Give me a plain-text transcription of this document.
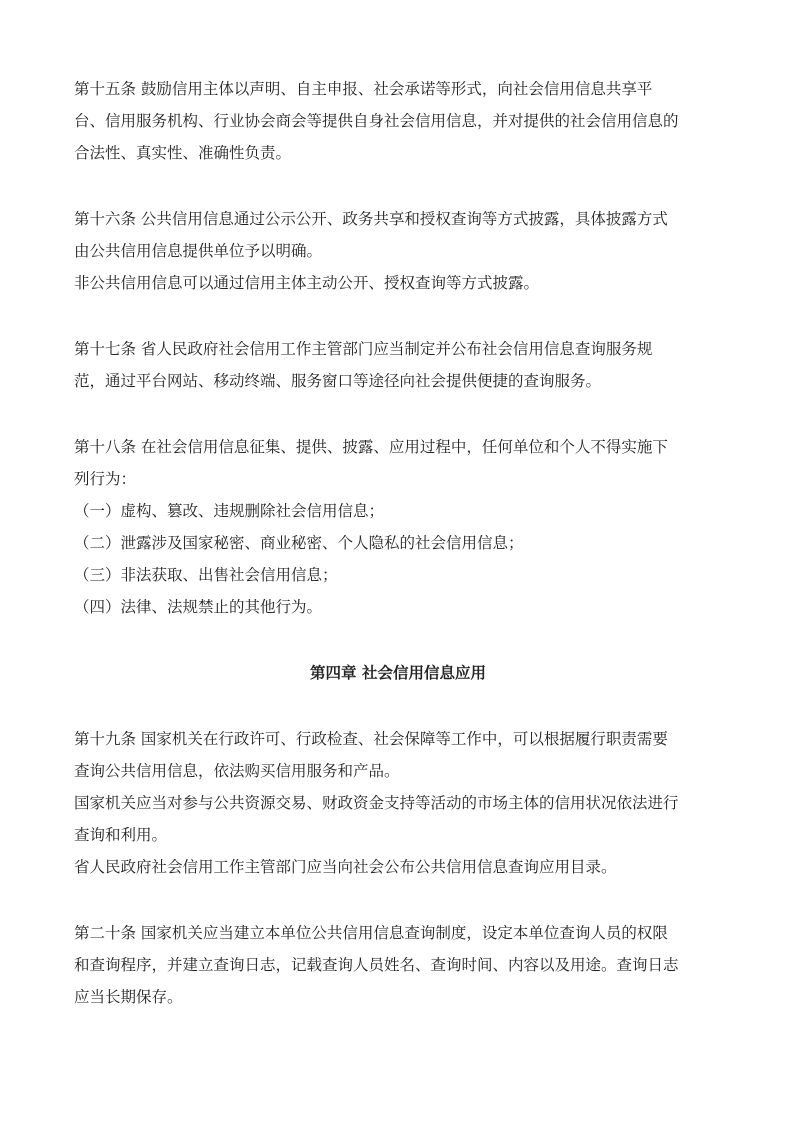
第十五条 鼓励信用主体以声明、自主申报、社会承诺等形式，向社会信用信息共享平
台、信用服务机构、行业协会商会等提供自身社会信用信息，并对提供的社会信用信息的
合法性、真实性、准确性负责。
第十六条 公共信用信息通过公示公开、政务共享和授权查询等方式披露，具体披露方式
由公共信用信息提供单位予以明确。
非公共信用信息可以通过信用主体主动公开、授权查询等方式披露。
第十七条 省人民政府社会信用工作主管部门应当制定并公布社会信用信息查询服务规
范，通过平台网站、移动终端、服务窗口等途径向社会提供便捷的查询服务。
第十八条 在社会信用信息征集、提供、披露、应用过程中，任何单位和个人不得实施下
列行为：
（一）虚构、篡改、违规删除社会信用信息；
（二）泄露涉及国家秘密、商业秘密、个人隐私的社会信用信息；
（三）非法获取、出售社会信用信息；
（四）法律、法规禁止的其他行为。
第四章 社会信用信息应用
第十九条 国家机关在行政许可、行政检查、社会保障等工作中，可以根据履行职责需要
查询公共信用信息，依法购买信用服务和产品。
国家机关应当对参与公共资源交易、财政资金支持等活动的市场主体的信用状况依法进行
查询和利用。
省人民政府社会信用工作主管部门应当向社会公布公共信用信息查询应用目录。
第二十条 国家机关应当建立本单位公共信用信息查询制度，设定本单位查询人员的权限
和查询程序，并建立查询日志，记载查询人员姓名、查询时间、内容以及用途。查询日志
应当长期保存。
